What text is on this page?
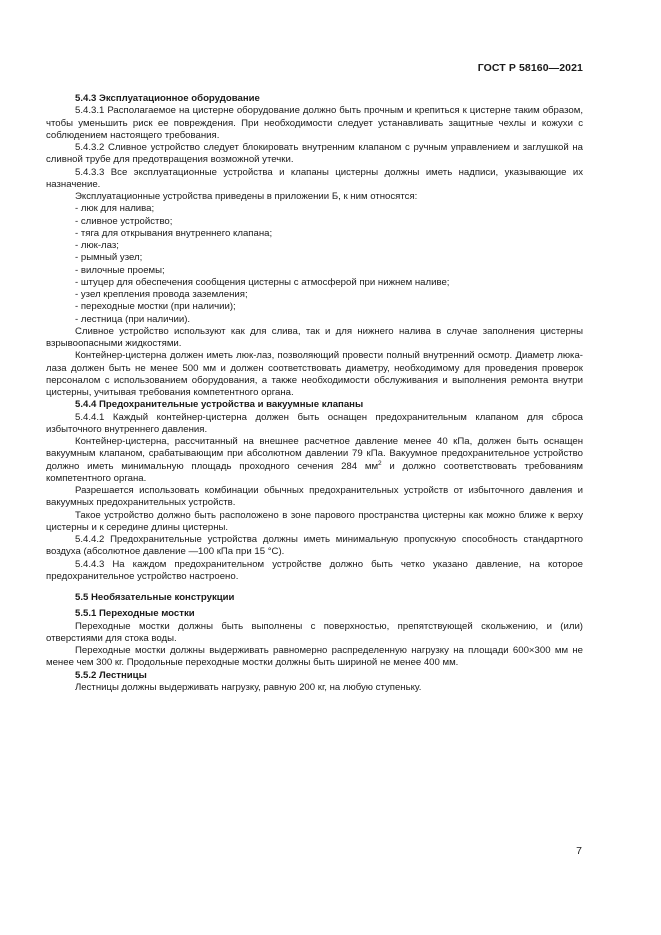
ГОСТ Р 58160—2021

5.4.3 Эксплуатационное оборудование

5.4.3.1 Располагаемое на цистерне оборудование должно быть прочным и крепиться к цистерне таким образом, чтобы уменьшить риск ее повреждения. При необходимости следует устанавливать защитные чехлы и кожухи с соблюдением настоящего требования.

5.4.3.2 Сливное устройство следует блокировать внутренним клапаном с ручным управлением и заглушкой на сливной трубе для предотвращения возможной утечки.

5.4.3.3 Все эксплуатационные устройства и клапаны цистерны должны иметь надписи, указывающие их назначение.

Эксплуатационные устройства приведены в приложении Б, к ним относятся:

- люк для налива;

- сливное устройство;

- тяга для открывания внутреннего клапана;

- люк-лаз;

- рымный узел;

- вилочные проемы;

- штуцер для обеспечения сообщения цистерны с атмосферой при нижнем наливе;

- узел крепления провода заземления;

- переходные мостки (при наличии);

- лестница (при наличии).

Сливное устройство используют как для слива, так и для нижнего налива в случае заполнения цистерны взрывоопасными жидкостями.

Контейнер-цистерна должен иметь люк-лаз, позволяющий провести полный внутренний осмотр. Диаметр люка-лаза должен быть не менее 500 мм и должен соответствовать диаметру, необходимому для проведения проверок персоналом с использованием оборудования, а также необходимости обслуживания и выполнения ремонта внутри цистерны, учитывая требования компетентного органа.

5.4.4 Предохранительные устройства и вакуумные клапаны

5.4.4.1 Каждый контейнер-цистерна должен быть оснащен предохранительным клапаном для сброса избыточного внутреннего давления.

Контейнер-цистерна, рассчитанный на внешнее расчетное давление менее 40 кПа, должен быть оснащен вакуумным клапаном, срабатывающим при абсолютном давлении 79 кПа. Вакуумное предохранительное устройство должно иметь минимальную площадь проходного сечения 284 $мм^2$ и должно соответствовать требованиям компетентного органа.

Разрешается использовать комбинации обычных предохранительных устройств от избыточного давления и вакуумных предохранительных устройств.

Такое устройство должно быть расположено в зоне парового пространства цистерны как можно ближе к верху цистерны и к середине длины цистерны.

5.4.4.2 Предохранительные устройства должны иметь минимальную пропускную способность стандартного воздуха (абсолютное давление —100 кПа при 15 °С).

5.4.4.3 На каждом предохранительном устройстве должно быть четко указано давление, на которое предохранительное устройство настроено.

5.5 Необязательные конструкции

5.5.1 Переходные мостки

Переходные мостки должны быть выполнены с поверхностью, препятствующей скольжению, и (или) отверстиями для стока воды.

Переходные мостки должны выдерживать равномерно распределенную нагрузку на площади 600×300 мм не менее чем 300 кг. Продольные переходные мостки должны быть шириной не менее 400 мм.

5.5.2 Лестницы

Лестницы должны выдерживать нагрузку, равную 200 кг, на любую ступеньку.

7
